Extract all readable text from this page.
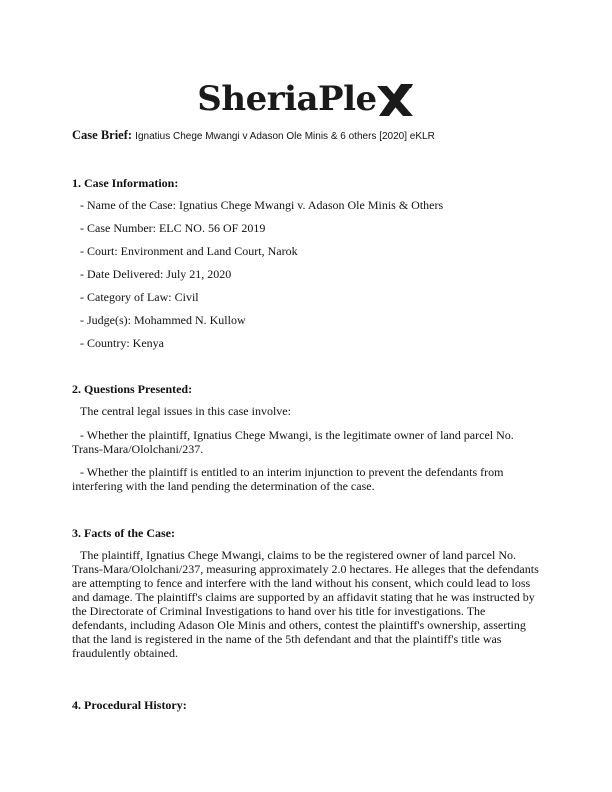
SheriaPle
Case Brief: Ignatius Chege Mwangi v Adason Ole Minis & 6 others [2020] eKLR
1. Case Information:
- Name of the Case: Ignatius Chege Mwangi v. Adason Ole Minis & Others
- Case Number: ELC NO. 56 OF 2019
- Court: Environment and Land Court, Narok
- Date Delivered: July 21, 2020
- Category of Law: Civil
- Judge(s): Mohammed N. Kullow
- Country: Kenya
2. Questions Presented:
The central legal issues in this case involve:
- Whether the plaintiff, Ignatius Chege Mwangi, is the legitimate owner of land parcel No.
Trans-Mara/Ololchani/237.
- Whether the plaintiff is entitled to an interim injunction to prevent the defendants from
interfering with the land pending the determination of the case.
3. Facts of the Case:
The plaintiff, Ignatius Chege Mwangi, claims to be the registered owner of land parcel No.
Trans-Mara/Ololchani/237, measuring approximately 2.0 hectares. He alleges that the defendants
are attempting to fence and interfere with the land without his consent, which could lead to loss
and damage. The plaintiff's claims are supported by an affidavit stating that he was instructed by
the Directorate of Criminal Investigations to hand over his title for investigations. The
defendants, including Adason Ole Minis and others, contest the plaintiff's ownership, asserting
that the land is registered in the name of the 5th defendant and that the plaintiff's title was
fraudulently obtained.
4. Procedural History:
